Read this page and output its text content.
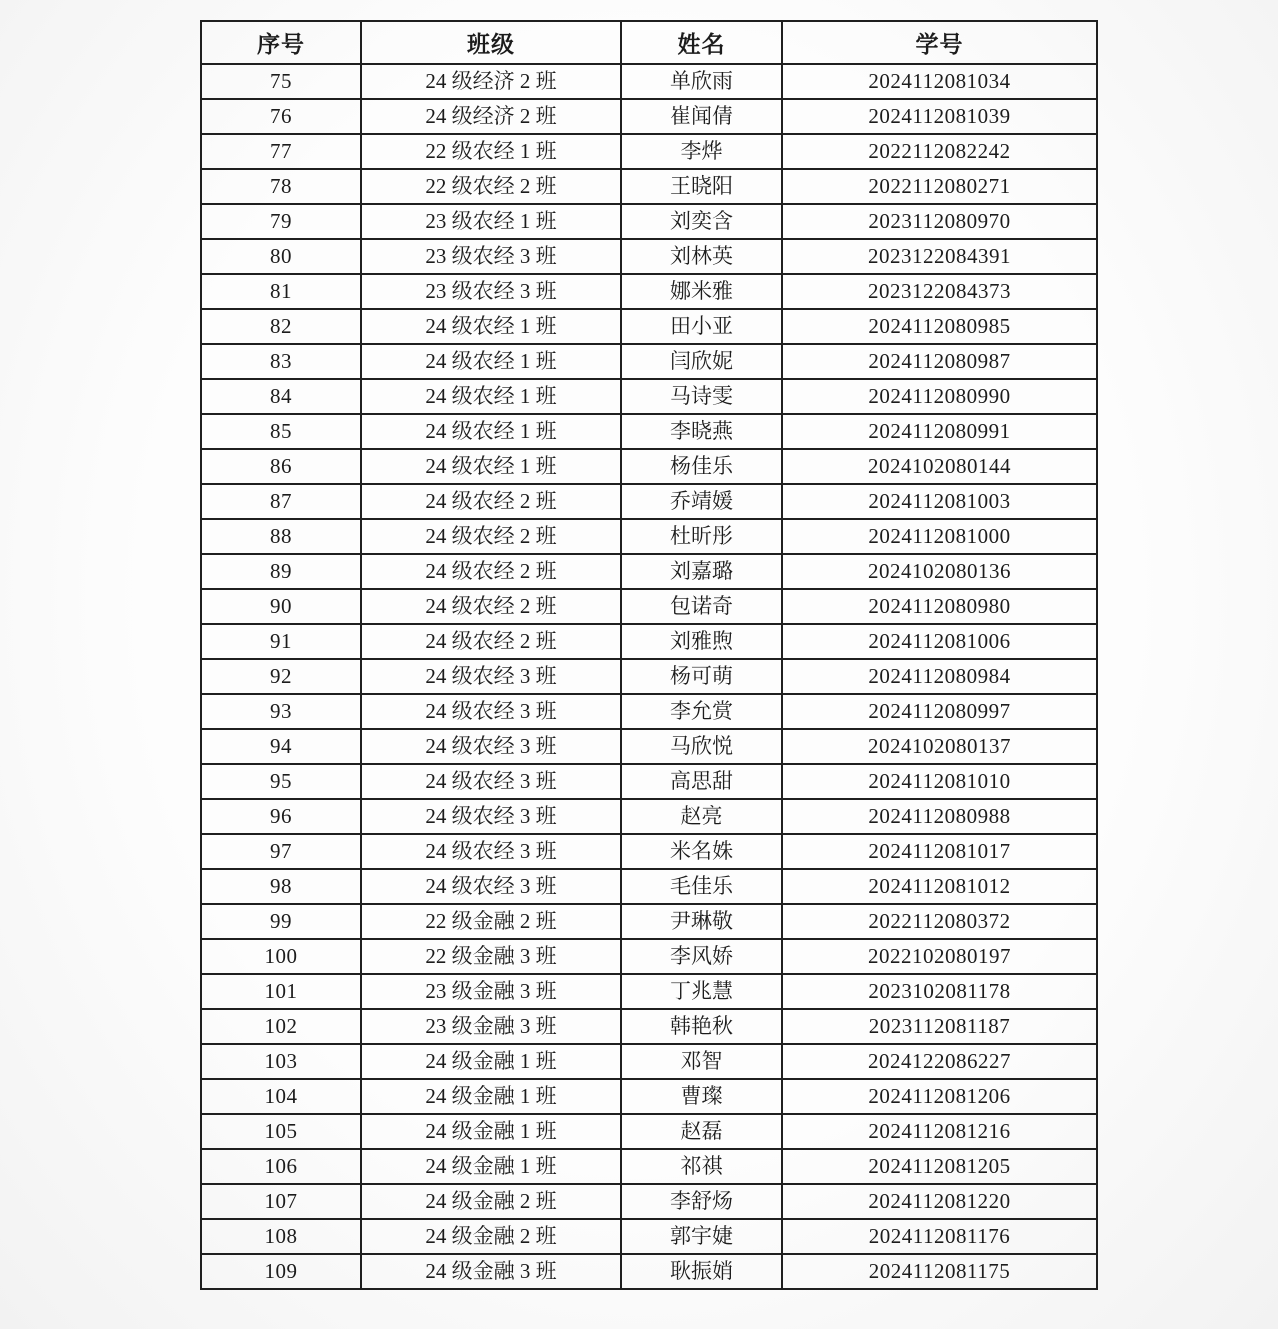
序号	班级	姓名	学号
75	24 级经济 2 班	单欣雨	2024112081034
76	24 级经济 2 班	崔闻倩	2024112081039
77	22 级农经 1 班	李烨	2022112082242
78	22 级农经 2 班	王晓阳	2022112080271
79	23 级农经 1 班	刘奕含	2023112080970
80	23 级农经 3 班	刘林英	2023122084391
81	23 级农经 3 班	娜米雅	2023122084373
82	24 级农经 1 班	田小亚	2024112080985
83	24 级农经 1 班	闫欣妮	2024112080987
84	24 级农经 1 班	马诗雯	2024112080990
85	24 级农经 1 班	李晓燕	2024112080991
86	24 级农经 1 班	杨佳乐	2024102080144
87	24 级农经 2 班	乔靖媛	2024112081003
88	24 级农经 2 班	杜昕彤	2024112081000
89	24 级农经 2 班	刘嘉璐	2024102080136
90	24 级农经 2 班	包诺奇	2024112080980
91	24 级农经 2 班	刘雅煦	2024112081006
92	24 级农经 3 班	杨可萌	2024112080984
93	24 级农经 3 班	李允赏	2024112080997
94	24 级农经 3 班	马欣悦	2024102080137
95	24 级农经 3 班	高思甜	2024112081010
96	24 级农经 3 班	赵亮	2024112080988
97	24 级农经 3 班	米名姝	2024112081017
98	24 级农经 3 班	毛佳乐	2024112081012
99	22 级金融 2 班	尹琳敬	2022112080372
100	22 级金融 3 班	李风娇	2022102080197
101	23 级金融 3 班	丁兆慧	2023102081178
102	23 级金融 3 班	韩艳秋	2023112081187
103	24 级金融 1 班	邓智	2024122086227
104	24 级金融 1 班	曹璨	2024112081206
105	24 级金融 1 班	赵磊	2024112081216
106	24 级金融 1 班	祁祺	2024112081205
107	24 级金融 2 班	李舒炀	2024112081220
108	24 级金融 2 班	郭宇婕	2024112081176
109	24 级金融 3 班	耿振娋	2024112081175
